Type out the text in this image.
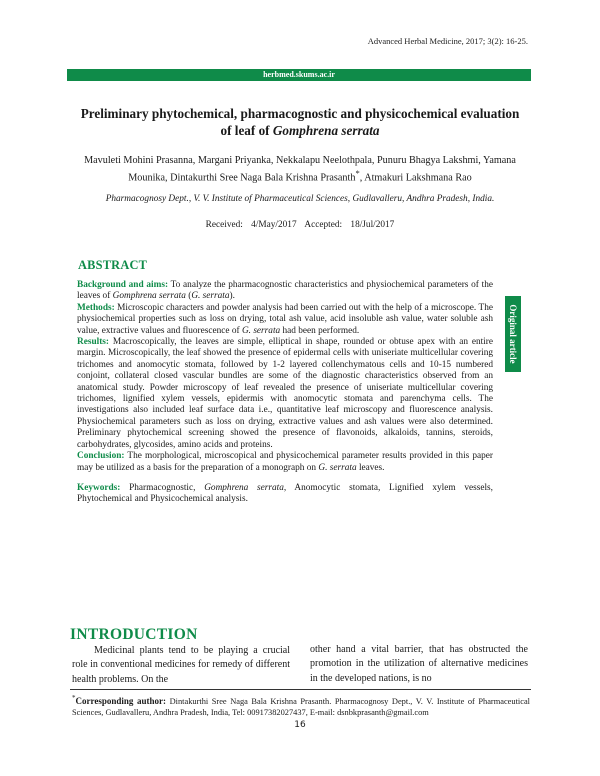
Advanced Herbal Medicine, 2017; 3(2): 16-25.
herbmed.skums.ac.ir
Preliminary phytochemical, pharmacognostic and physicochemical evaluation of leaf of Gomphrena serrata
Mavuleti Mohini Prasanna, Margani Priyanka, Nekkalapu Neelothpala, Punuru Bhagya Lakshmi, Yamana Mounika, Dintakurthi Sree Naga Bala Krishna Prasanth*, Atmakuri Lakshmana Rao
Pharmacognosy Dept., V. V. Institute of Pharmaceutical Sciences, Gudlavalleru, Andhra Pradesh, India.
Received: 4/May/2017 Accepted: 18/Jul/2017
ABSTRACT

Background and aims: To analyze the pharmacognostic characteristics and physiochemical parameters of the leaves of Gomphrena serrata (G. serrata).

Methods: Microscopic characters and powder analysis had been carried out with the help of a microscope. The physiochemical properties such as loss on drying, total ash value, acid insoluble ash value, water soluble ash value, extractive values and fluorescence of G. serrata had been performed.

Results: Macroscopically, the leaves are simple, elliptical in shape, rounded or obtuse apex with an entire margin. Microscopically, the leaf showed the presence of epidermal cells with uniseriate multicellular covering trichomes and anomocytic stomata, followed by 1-2 layered collenchymatous cells and 10-15 numbered conjoint, collateral closed vascular bundles are some of the diagnostic characteristics observed from an anatomical study. Powder microscopy of leaf revealed the presence of uniseriate multicellular covering trichomes, lignified xylem vessels, epidermis with anomocytic stomata and parenchyma cells. The investigations also included leaf surface data i.e., quantitative leaf microscopy and fluorescence analysis. Physiochemical parameters such as loss on drying, extractive values and ash values were also determined. Preliminary phytochemical screening showed the presence of flavonoids, alkaloids, tannins, steroids, carbohydrates, glycosides, amino acids and proteins.

Conclusion: The morphological, microscopical and physicochemical parameter results provided in this paper may be utilized as a basis for the preparation of a monograph on G. serrata leaves.

Keywords: Pharmacognostic, Gomphrena serrata, Anomocytic stomata, Lignified xylem vessels, Phytochemical and Physicochemical analysis.

Original article
INTRODUCTION

Medicinal plants tend to be playing a crucial role in conventional medicines for remedy of different health problems. On the

other hand a vital barrier, that has obstructed the promotion in the utilization of alternative medicines in the developed nations, is no

*Corresponding author: Dintakurthi Sree Naga Bala Krishna Prasanth. Pharmacognosy Dept., V. V. Institute of Pharmaceutical Sciences, Gudlavalleru, Andhra Pradesh, India, Tel: 00917382027437, E-mail: dsnbkprasanth@gmail.com
16
